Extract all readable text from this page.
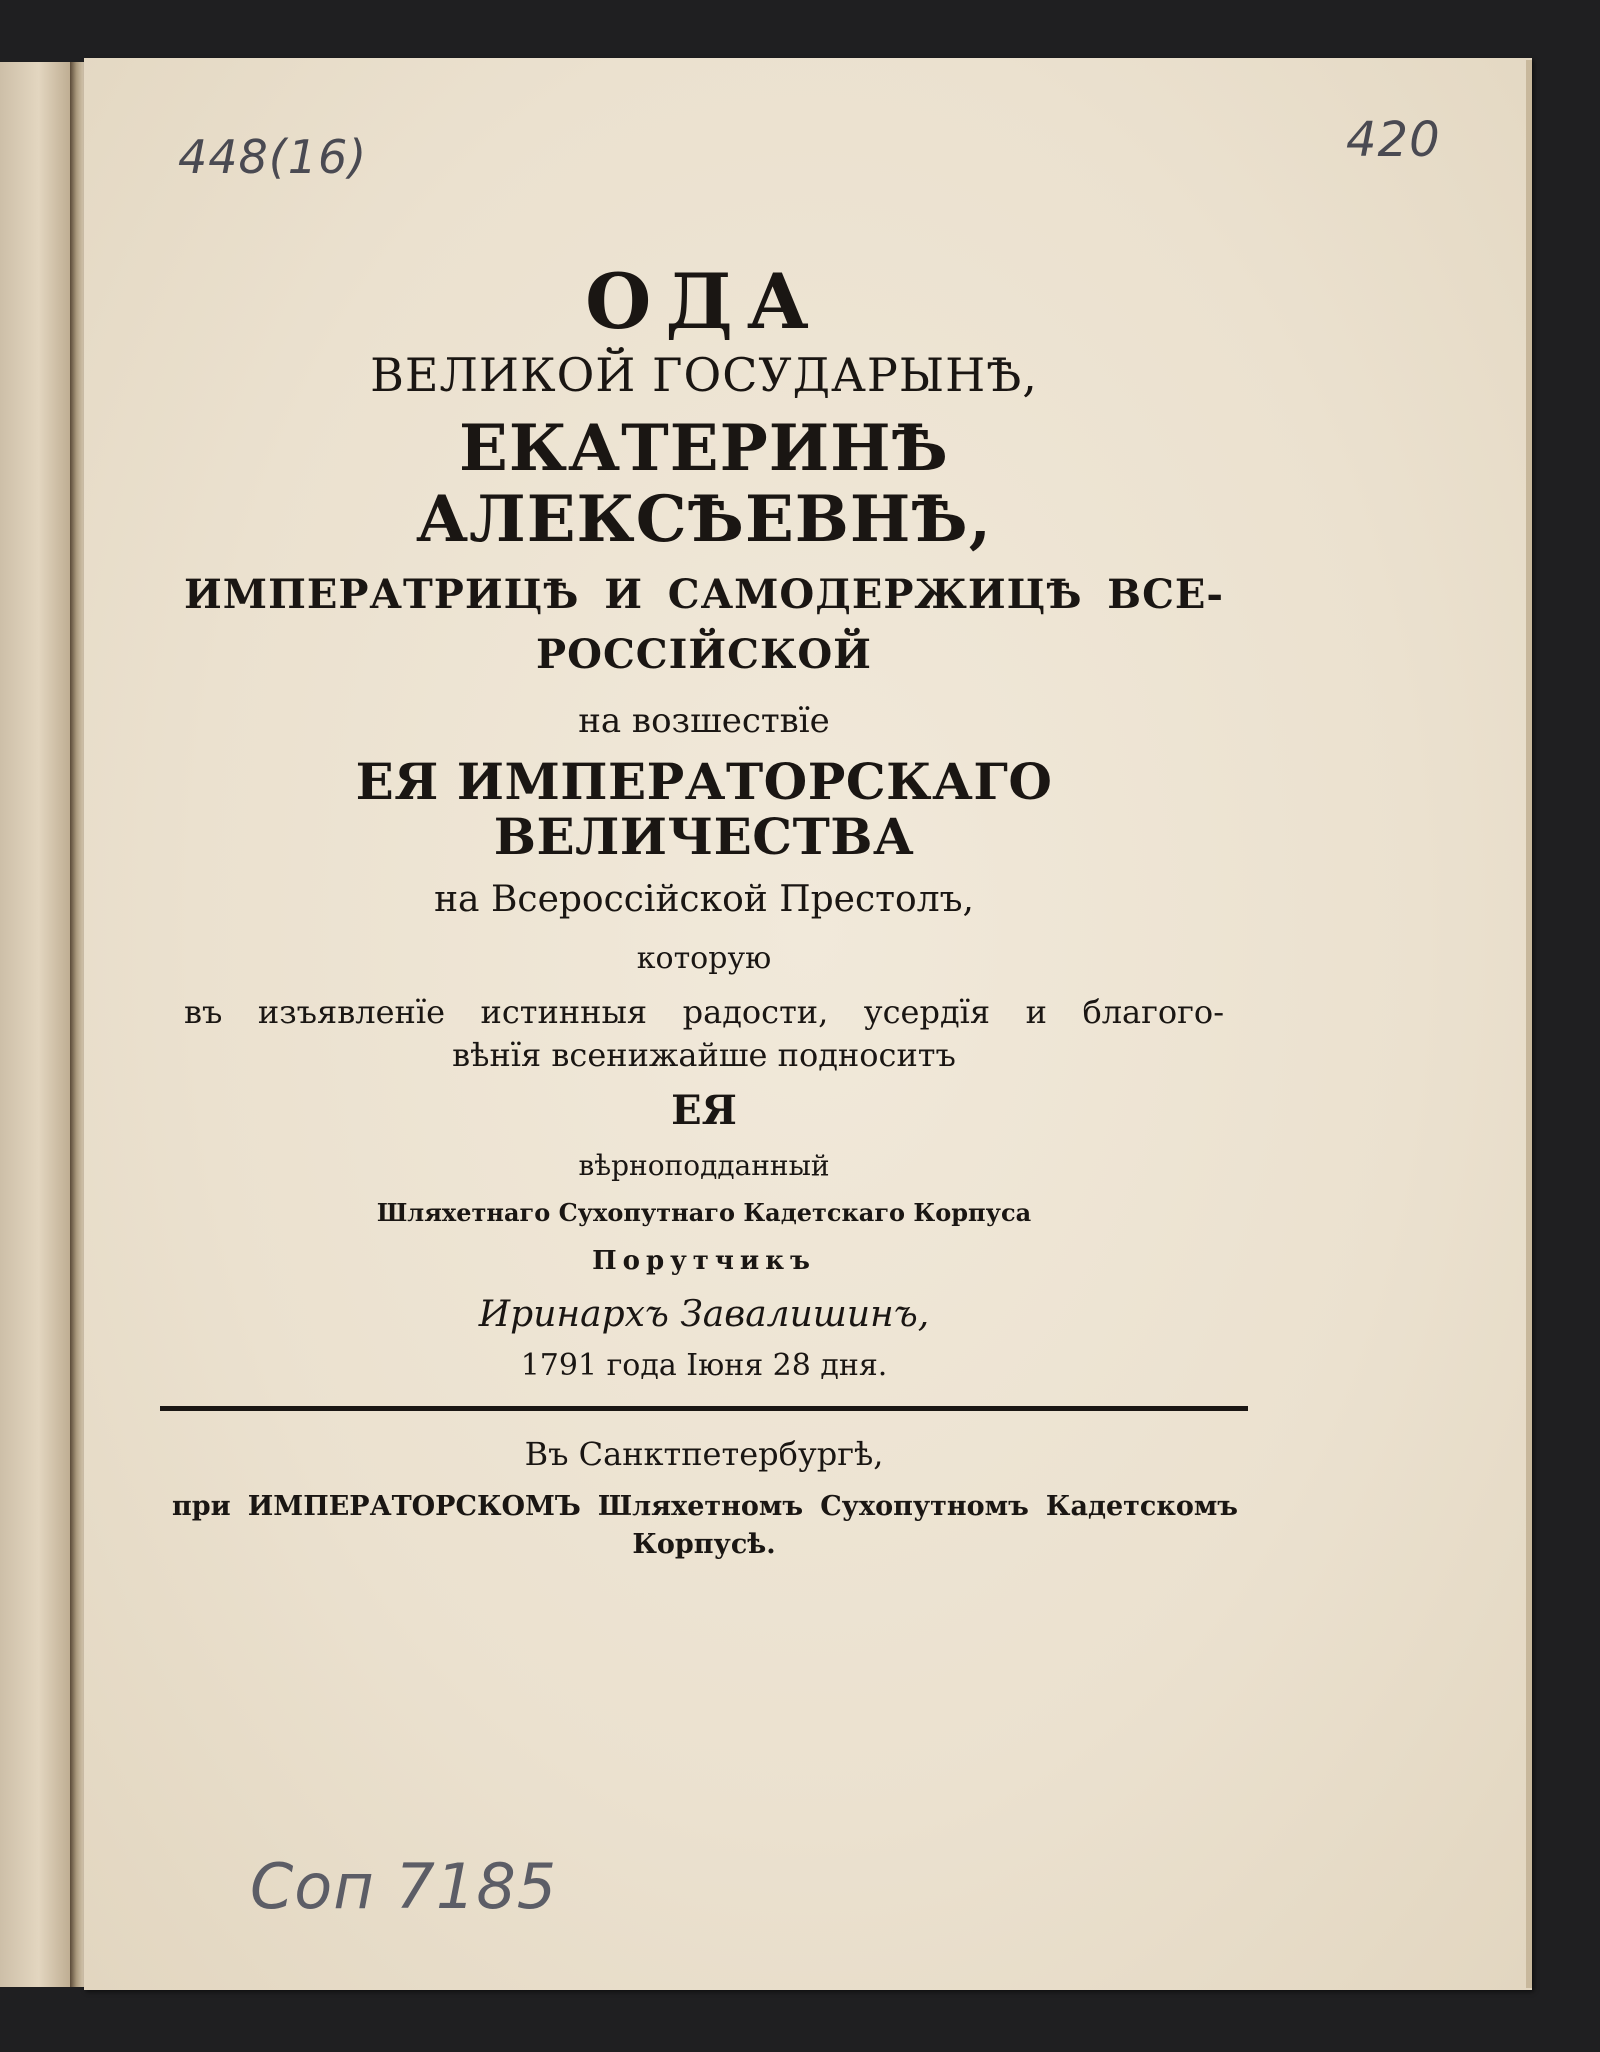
448(16)	420
Соп 7185
ОДА
ВЕЛИКОЙ ГОСУДАРЫНѢ,
ЕКАТЕРИНѢ АЛЕКСѢЕВНѢ,
ИМПЕРАТРИЦѢ И САМОДЕРЖИЦѢ ВСЕ-
РОССІЙСКОЙ
на возшествїе
ЕЯ ИМПЕРАТОРСКАГО ВЕЛИЧЕСТВА
на Всероссійской Престолъ,
которую
въ изъявленїе истинныя радости, усердїя и благого-
вѣнїя всенижайше подноситъ
ЕЯ
вѣрноподданный
Шляхетнаго Сухопутнаго Кадетскаго Корпуса
Порутчикъ
Иринархъ Завалишинъ,
1791 года Іюня 28 дня.
Въ Санктпетербургѣ,
при ИМПЕРАТОРСКОМЪ Шляхетномъ Сухопутномъ Кадетскомъ
Корпусѣ.
